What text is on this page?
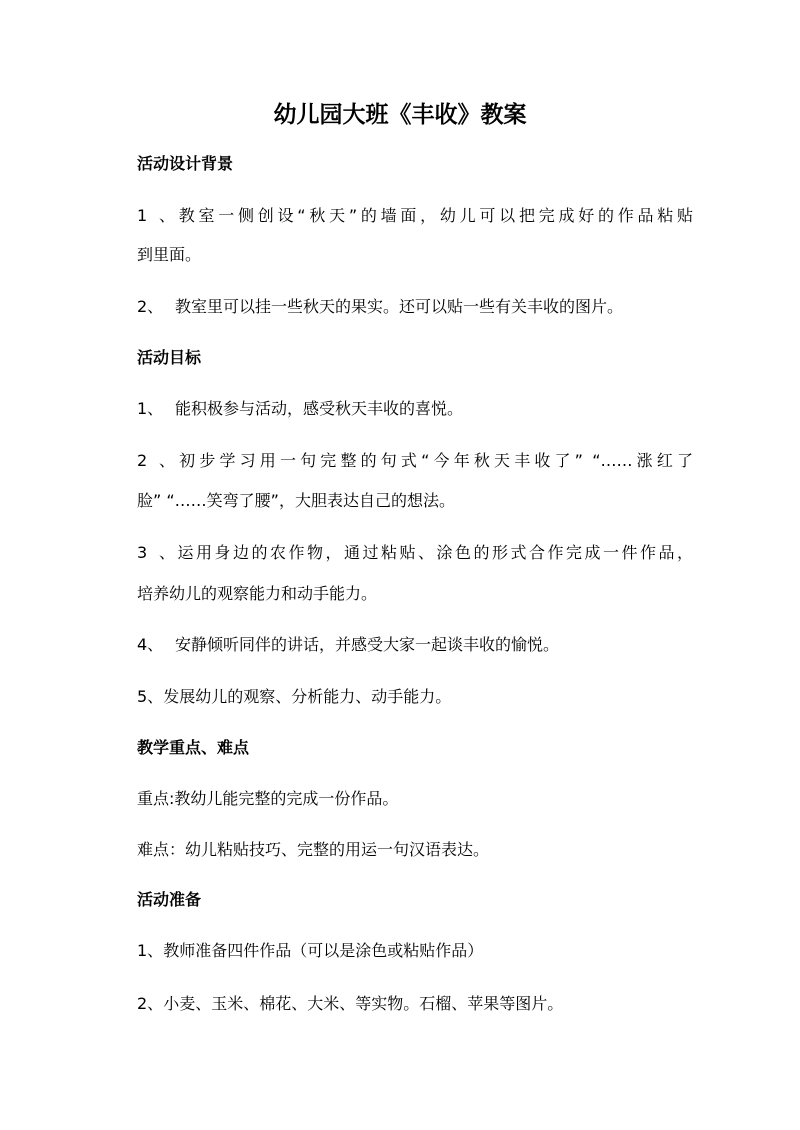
幼儿园大班《丰收》教案

活动设计背景

1、教室一侧创设“秋天”的墙面，幼儿可以把完成好的作品粘贴

到里面。

2、 教室里可以挂一些秋天的果实。还可以贴一些有关丰收的图片。

活动目标

1、 能积极参与活动，感受秋天丰收的喜悦。

2、初步学习用一句完整的句式“今年秋天丰收了” “……涨红了

脸” “……笑弯了腰”，大胆表达自己的想法。

3、运用身边的农作物，通过粘贴、涂色的形式合作完成一件作品，

培养幼儿的观察能力和动手能力。

4、 安静倾听同伴的讲话，并感受大家一起谈丰收的愉悦。

5、发展幼儿的观察、分析能力、动手能力。

教学重点、难点

重点:教幼儿能完整的完成一份作品。

难点：幼儿粘贴技巧、完整的用运一句汉语表达。

活动准备

1、教师准备四件作品（可以是涂色或粘贴作品）

2、小麦、玉米、棉花、大米、等实物。石榴、苹果等图片。
